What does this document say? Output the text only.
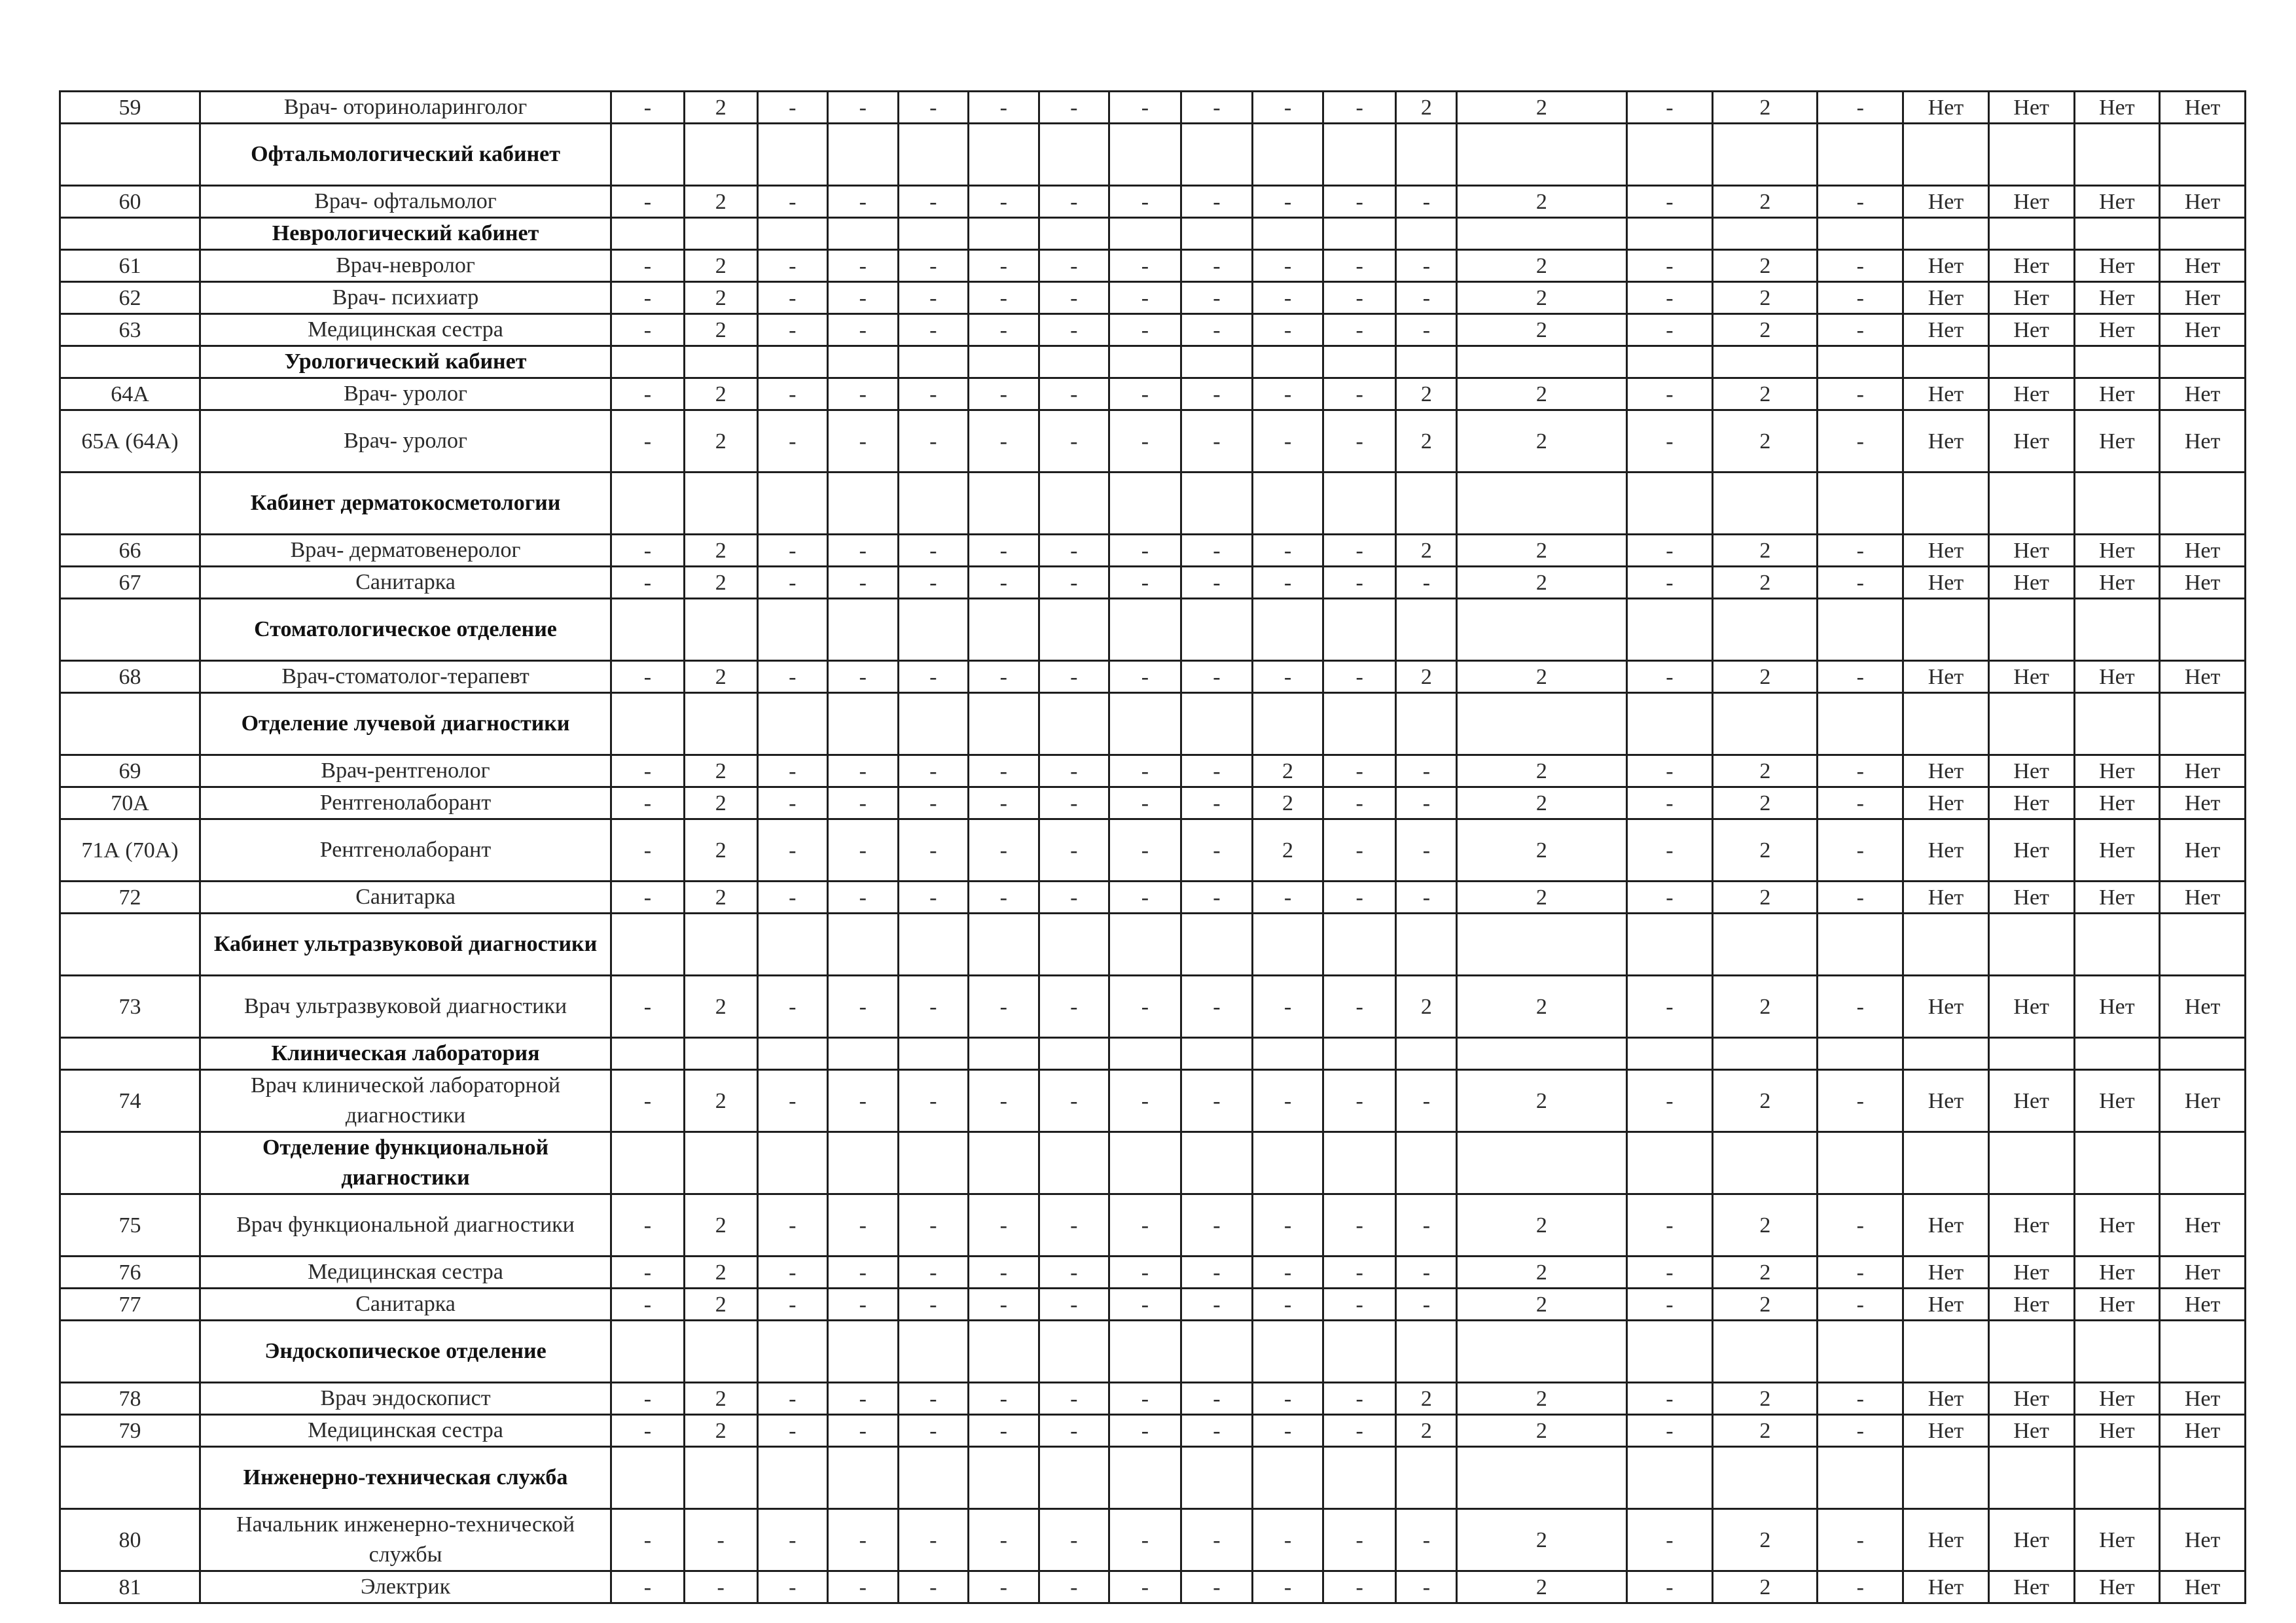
59	Врач- оториноларинголог	-	2	-	-	-	-	-	-	-	-	-	2	2	-	2	-	Нет	Нет	Нет	Нет
	Офтальмологический кабинет																				
60	Врач- офтальмолог	-	2	-	-	-	-	-	-	-	-	-	-	2	-	2	-	Нет	Нет	Нет	Нет
	Неврологический кабинет																				
61	Врач-невролог	-	2	-	-	-	-	-	-	-	-	-	-	2	-	2	-	Нет	Нет	Нет	Нет
62	Врач- психиатр	-	2	-	-	-	-	-	-	-	-	-	-	2	-	2	-	Нет	Нет	Нет	Нет
63	Медицинская сестра	-	2	-	-	-	-	-	-	-	-	-	-	2	-	2	-	Нет	Нет	Нет	Нет
	Урологический кабинет																				
64А	Врач- уролог	-	2	-	-	-	-	-	-	-	-	-	2	2	-	2	-	Нет	Нет	Нет	Нет
65А (64А)	Врач- уролог	-	2	-	-	-	-	-	-	-	-	-	2	2	-	2	-	Нет	Нет	Нет	Нет
	Кабинет дерматокосметологии																				
66	Врач- дерматовенеролог	-	2	-	-	-	-	-	-	-	-	-	2	2	-	2	-	Нет	Нет	Нет	Нет
67	Санитарка	-	2	-	-	-	-	-	-	-	-	-	-	2	-	2	-	Нет	Нет	Нет	Нет
	Стоматологическое отделение																				
68	Врач-стоматолог-терапевт	-	2	-	-	-	-	-	-	-	-	-	2	2	-	2	-	Нет	Нет	Нет	Нет
	Отделение лучевой диагностики																				
69	Врач-рентгенолог	-	2	-	-	-	-	-	-	-	2	-	-	2	-	2	-	Нет	Нет	Нет	Нет
70А	Рентгенолаборант	-	2	-	-	-	-	-	-	-	2	-	-	2	-	2	-	Нет	Нет	Нет	Нет
71А (70А)	Рентгенолаборант	-	2	-	-	-	-	-	-	-	2	-	-	2	-	2	-	Нет	Нет	Нет	Нет
72	Санитарка	-	2	-	-	-	-	-	-	-	-	-	-	2	-	2	-	Нет	Нет	Нет	Нет
	Кабинет ультразвуковой диагностики																				
73	Врач ультразвуковой диагностики	-	2	-	-	-	-	-	-	-	-	-	2	2	-	2	-	Нет	Нет	Нет	Нет
	Клиническая лаборатория																				
74	Врач клинической лабораторной диагностики	-	2	-	-	-	-	-	-	-	-	-	-	2	-	2	-	Нет	Нет	Нет	Нет
	Отделение функциональной диагностики																				
75	Врач функциональной диагностики	-	2	-	-	-	-	-	-	-	-	-	-	2	-	2	-	Нет	Нет	Нет	Нет
76	Медицинская сестра	-	2	-	-	-	-	-	-	-	-	-	-	2	-	2	-	Нет	Нет	Нет	Нет
77	Санитарка	-	2	-	-	-	-	-	-	-	-	-	-	2	-	2	-	Нет	Нет	Нет	Нет
	Эндоскопическое отделение																				
78	Врач эндоскопист	-	2	-	-	-	-	-	-	-	-	-	2	2	-	2	-	Нет	Нет	Нет	Нет
79	Медицинская сестра	-	2	-	-	-	-	-	-	-	-	-	2	2	-	2	-	Нет	Нет	Нет	Нет
	Инженерно-техническая служба																				
80	Начальник инженерно-технической службы	-	-	-	-	-	-	-	-	-	-	-	-	2	-	2	-	Нет	Нет	Нет	Нет
81	Электрик	-	-	-	-	-	-	-	-	-	-	-	-	2	-	2	-	Нет	Нет	Нет	Нет
